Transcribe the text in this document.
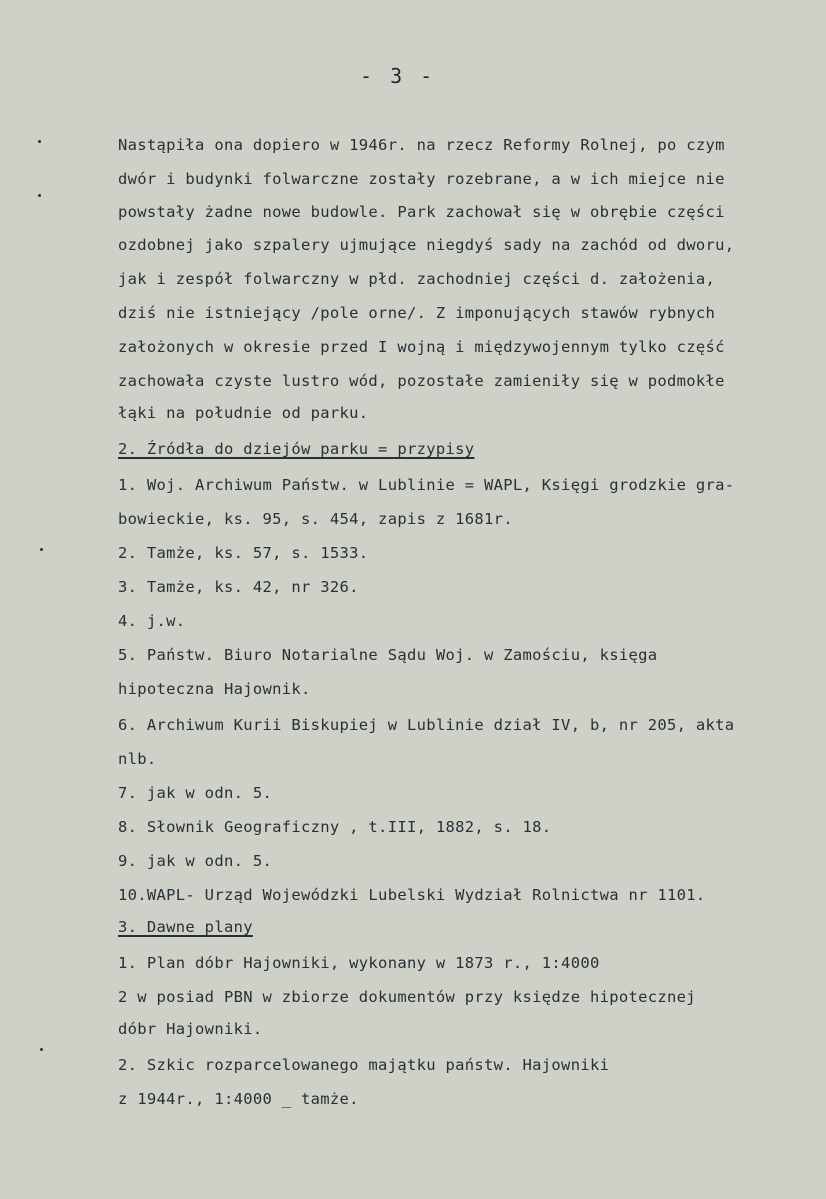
- 3 -
Nastąpiła ona dopiero w 1946r. na rzecz Reformy Rolnej, po czym
dwór i budynki folwarczne zostały rozebrane, a w ich miejce nie
powstały żadne nowe budowle. Park zachował się w obrębie części
ozdobnej jako szpalery ujmujące niegdyś sady na zachód od dworu,
jak i zespół folwarczny w płd. zachodniej części d. założenia,
dziś nie istniejący /pole orne/. Z imponujących stawów rybnych
założonych w okresie przed I wojną i międzywojennym tylko część
zachowała czyste lustro wód, pozostałe zamieniły się w podmokłe
łąki na południe od parku.
2. Źródła do dziejów parku = przypisy
1. Woj. Archiwum Państw. w Lublinie = WAPL, Księgi grodzkie gra-
bowieckie, ks. 95, s. 454, zapis z 1681r.
2. Tamże, ks. 57, s. 1533.
3. Tamże, ks. 42, nr 326.
4. j.w.
5. Państw. Biuro Notarialne Sądu Woj. w Zamościu, księga
hipoteczna Hajownik.
6. Archiwum Kurii Biskupiej w Lublinie dział IV, b, nr 205, akta
nlb.
7. jak w odn. 5.
8. Słownik Geograficzny , t.III, 1882, s. 18.
9. jak w odn. 5.
10.WAPL- Urząd Wojewódzki Lubelski Wydział Rolnictwa nr 1101.
3. Dawne plany
1. Plan dóbr Hajowniki, wykonany w 1873 r., 1:4000
2 w posiad PBN w zbiorze dokumentów przy księdze hipotecznej
dóbr Hajowniki.
2. Szkic rozparcelowanego majątku państw. Hajowniki
z 1944r., 1:4000 _ tamże.
